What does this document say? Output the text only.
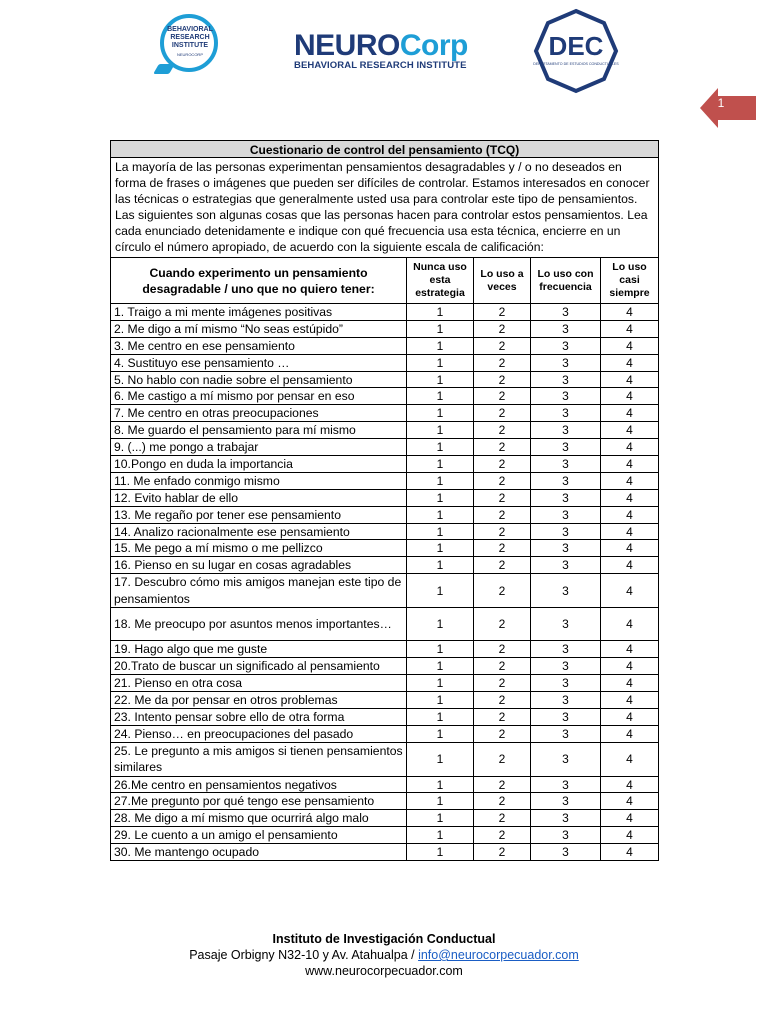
BEHAVIORAL
RESEARCH
INSTITUTE
NEUROCORP	NEUROCorp
BEHAVIORAL RESEARCH INSTITUTE
DEC
DEPARTAMENTO DE ESTUDIOS CONDUCTUALES
1
Cuestionario de control del pensamiento (TCQ)				
La mayoría de las personas experimentan pensamientos desagradables y / o no deseados en forma de frases o imágenes que pueden ser difíciles de controlar. Estamos interesados en conocer las técnicas o estrategias que generalmente usted usa para controlar este tipo de pensamientos. Las siguientes son algunas cosas que las personas hacen para controlar estos pensamientos. Lea cada enunciado detenidamente e indique con qué frecuencia usa esta técnica, encierre en un círculo el número apropiado, de acuerdo con la siguiente escala de calificación:				
Cuando experimento un pensamiento desagradable / uno que no quiero tener:	Nunca uso esta estrategia	Lo uso a veces	Lo uso con frecuencia	Lo uso casi siempre
1. Traigo a mi mente imágenes positivas	1	2	3	4
2. Me digo a mí mismo “No seas estúpido”	1	2	3	4
3. Me centro en ese pensamiento	1	2	3	4
4. Sustituyo ese pensamiento …	1	2	3	4
5. No hablo con nadie sobre el pensamiento	1	2	3	4
6. Me castigo a mí mismo por pensar en eso	1	2	3	4
7. Me centro en otras preocupaciones	1	2	3	4
8. Me guardo el pensamiento para mí mismo	1	2	3	4
9. (...) me pongo a trabajar	1	2	3	4
10.Pongo en duda la importancia	1	2	3	4
11. Me enfado conmigo mismo	1	2	3	4
12. Evito hablar de ello	1	2	3	4
13. Me regaño por tener ese pensamiento	1	2	3	4
14. Analizo racionalmente ese pensamiento	1	2	3	4
15. Me pego a mí mismo o me pellizco	1	2	3	4
16. Pienso en su lugar en cosas agradables	1	2	3	4
17. Descubro cómo mis amigos manejan este tipo de pensamientos	1	2	3	4
18. Me preocupo por asuntos menos importantes…	1	2	3	4
19. Hago algo que me guste	1	2	3	4
20.Trato de buscar un significado al pensamiento	1	2	3	4
21. Pienso en otra cosa	1	2	3	4
22. Me da por pensar en otros problemas	1	2	3	4
23. Intento pensar sobre ello de otra forma	1	2	3	4
24. Pienso… en preocupaciones del pasado	1	2	3	4
25. Le pregunto a mis amigos si tienen pensamientos similares	1	2	3	4
26.Me centro en pensamientos negativos	1	2	3	4
27.Me pregunto por qué tengo ese pensamiento	1	2	3	4
28. Me digo a mí mismo que ocurrirá algo malo	1	2	3	4
29. Le cuento a un amigo el pensamiento	1	2	3	4
30. Me mantengo ocupado	1	2	3	4
Instituto de Investigación Conductual
Pasaje Orbigny N32-10 y Av. Atahualpa / info@neurocorpecuador.com
www.neurocorpecuador.com
